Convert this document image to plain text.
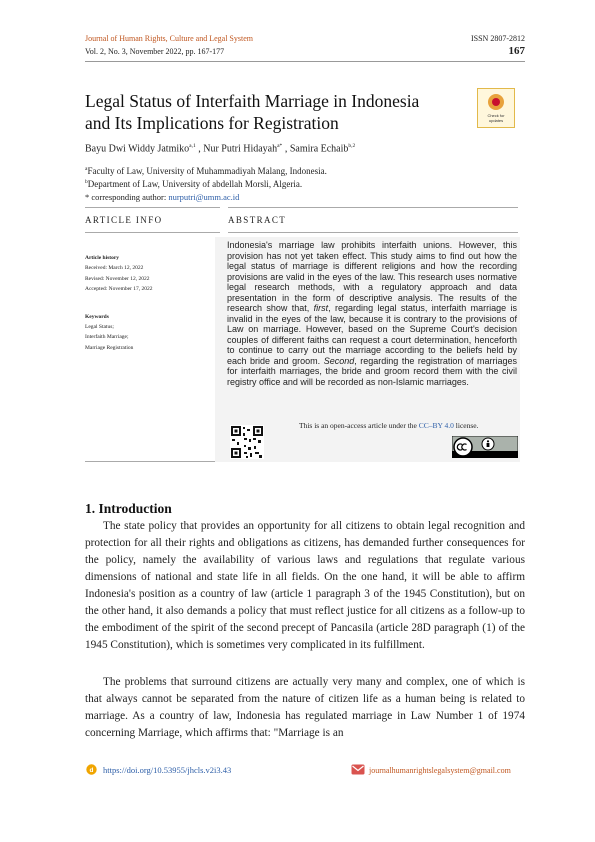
Journal of Human Rights, Culture and Legal System	ISSN 2807-2812
Vol. 2, No. 3, November 2022, pp. 167-177	167
Legal Status of Interfaith Marriage in Indonesia
and Its Implications for Registration	Check for updates
Bayu Dwi Widdy Jatmiko$^{a,1}$ , Nur Putri Hidayah$^{a*}$ , Samira Echaib$^{b,2}$
$^a$Faculty of Law, University of Muhammadiyah Malang, Indonesia.
$^b$Department of Law, University of abdellah Morsli, Algeria.
* corresponding author: nurputri@umm.ac.id
ARTICLE INFO	ABSTRACT
Article history
Received: March 12, 2022
Revised: November 12, 2022
Accepted: November 17, 2022
Keywords
Legal Status;
Interfaith Marriage;
Marriage Registration
Indonesia's marriage law prohibits interfaith unions. However, this provision has not yet taken effect. This study aims to find out how the legal status of marriage is different religions and how the recording provisions are valid in the eyes of the law. This research uses normative legal research methods, with a regulatory approach and data presentation in the form of descriptive analysis. The results of the research show that, first, regarding legal status, interfaith marriage is invalid in the eyes of the law, because it is contrary to the provisions of Law on marriage. However, based on the Supreme Court's decision couples of different faiths can request a court determination, henceforth to continue to carry out the marriage according to the beliefs held by each bride and groom. Second, regarding the registration of marriages for interfaith marriages, the bride and groom record them with the civil registry office and will be recorded as non-Islamic marriages.
This is an open-access article under the CC–BY 4.0 license.
1. Introduction
The state policy that provides an opportunity for all citizens to obtain legal recognition and protection for all their rights and obligations as citizens, has demanded further consequences for the policy, namely the availability of various laws and regulations that regulate various dimensions of national and state life in all fields. On the one hand, it will be able to affirm Indonesia's position as a country of law (article 1 paragraph 3 of the 1945 Constitution), but on the other hand, it also demands a policy that must reflect justice for all citizens as a follow-up to the embodiment of the spirit of the second precept of Pancasila (article 28D paragraph (1) of the 1945 Constitution), which is sometimes very complicated in its fulfillment.
The problems that surround citizens are actually very many and complex, one of which is that always cannot be separated from the nature of citizen life as a human being is related to marriage. As a country of law, Indonesia has regulated marriage in Law Number 1 of 1974 concerning Marriage, which affirms that: "Marriage is an
d https://doi.org/10.53955/jhcls.v2i3.43	journalhumanrightslegalsystem@gmail.com
